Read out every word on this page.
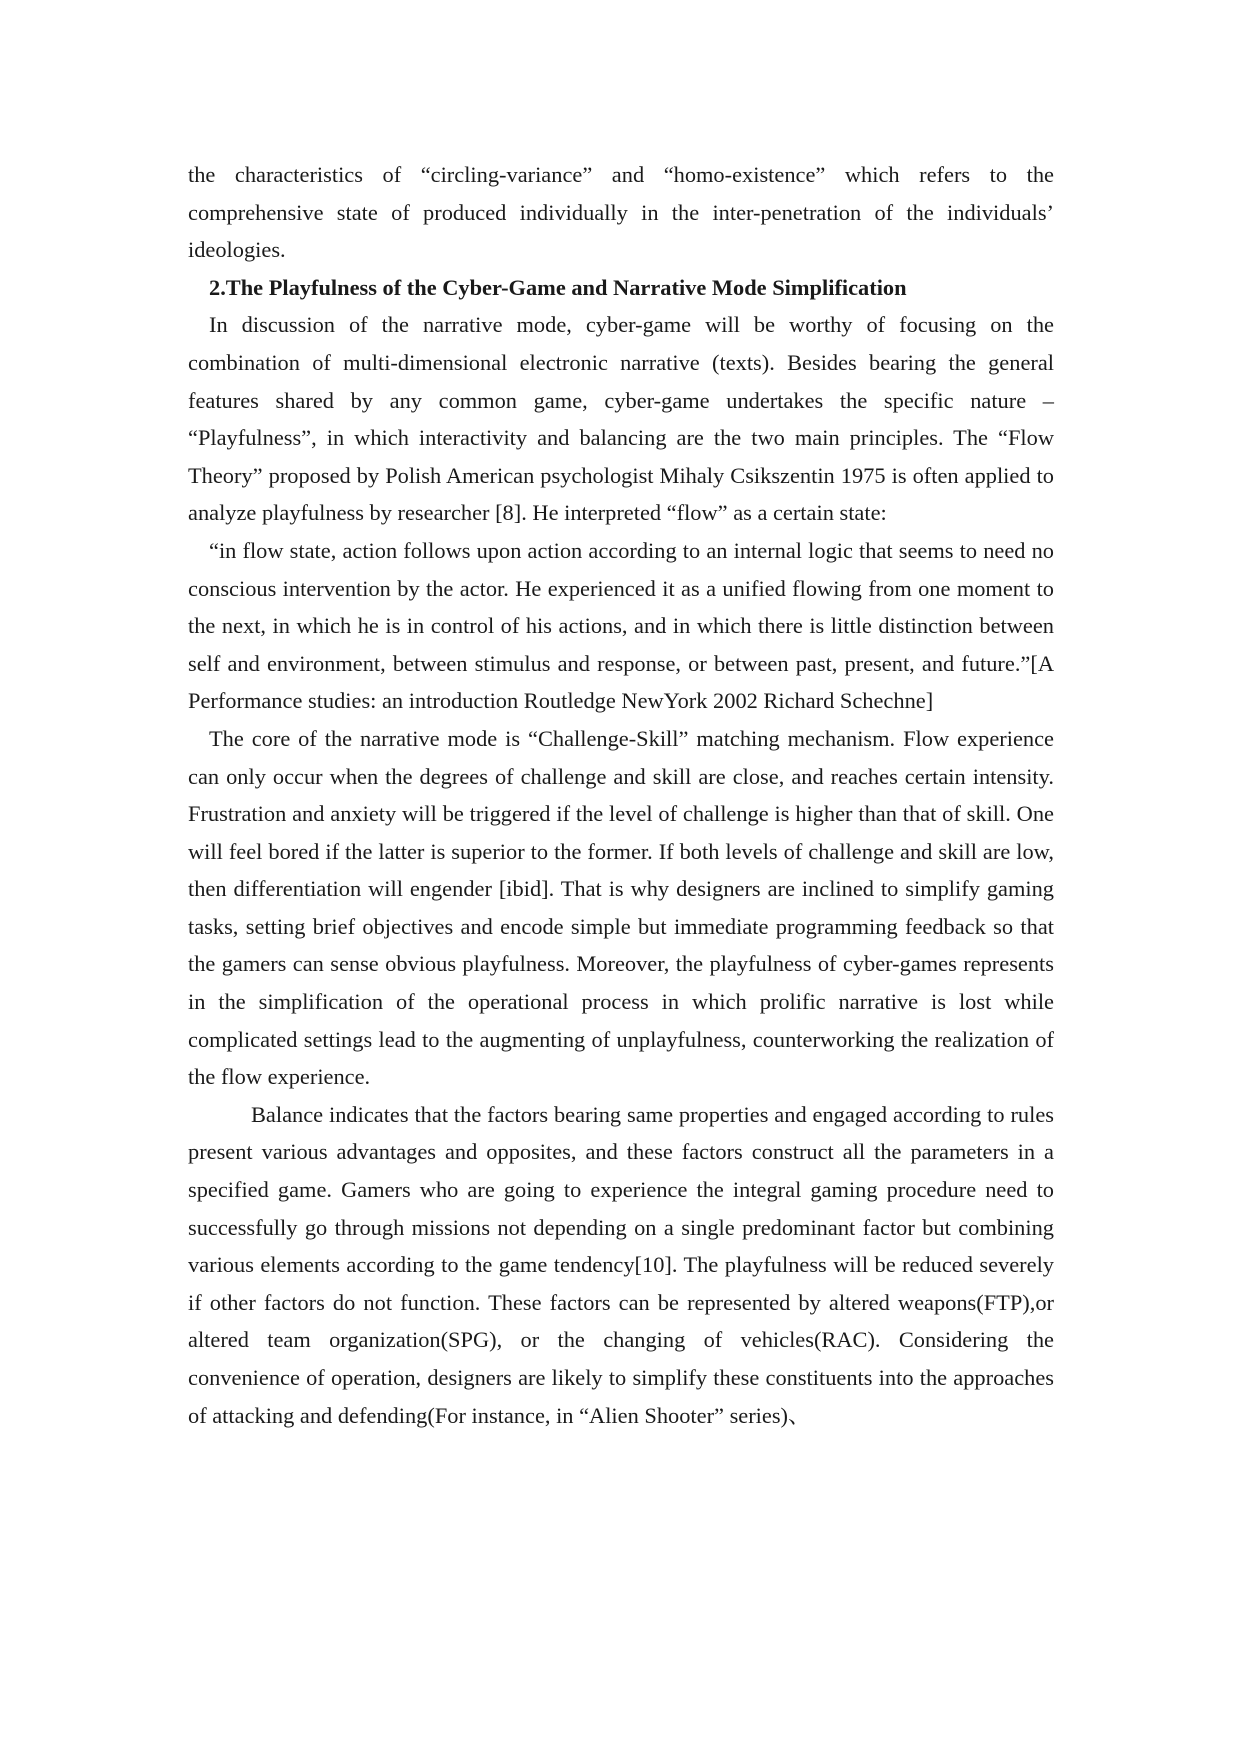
the characteristics of “circling-variance” and “homo-existence” which refers to the comprehensive state of produced individually in the inter-penetration of the individuals’ ideologies.

2.The Playfulness of the Cyber-Game and Narrative Mode Simplification

In discussion of the narrative mode, cyber-game will be worthy of focusing on the combination of multi-dimensional electronic narrative (texts). Besides bearing the general features shared by any common game, cyber-game undertakes the specific nature – “Playfulness”, in which interactivity and balancing are the two main principles. The “Flow Theory” proposed by Polish American psychologist Mihaly Csikszentin 1975 is often applied to analyze playfulness by researcher [8]. He interpreted “flow” as a certain state:

“in flow state, action follows upon action according to an internal logic that seems to need no conscious intervention by the actor. He experienced it as a unified flowing from one moment to the next, in which he is in control of his actions, and in which there is little distinction between self and environment, between stimulus and response, or between past, present, and future.”[A Performance studies: an introduction Routledge NewYork 2002 Richard Schechne]

The core of the narrative mode is “Challenge-Skill” matching mechanism. Flow experience can only occur when the degrees of challenge and skill are close, and reaches certain intensity. Frustration and anxiety will be triggered if the level of challenge is higher than that of skill. One will feel bored if the latter is superior to the former. If both levels of challenge and skill are low, then differentiation will engender [ibid]. That is why designers are inclined to simplify gaming tasks, setting brief objectives and encode simple but immediate programming feedback so that the gamers can sense obvious playfulness. Moreover, the playfulness of cyber-games represents in the simplification of the operational process in which prolific narrative is lost while complicated settings lead to the augmenting of unplayfulness, counterworking the realization of the flow experience.

Balance indicates that the factors bearing same properties and engaged according to rules present various advantages and opposites, and these factors construct all the parameters in a specified game. Gamers who are going to experience the integral gaming procedure need to successfully go through missions not depending on a single predominant factor but combining various elements according to the game tendency[10]. The playfulness will be reduced severely if other factors do not function. These factors can be represented by altered weapons(FTP),or altered team organization(SPG), or the changing of vehicles(RAC). Considering the convenience of operation, designers are likely to simplify these constituents into the approaches of attacking and defending(For instance, in “Alien Shooter” series)、
